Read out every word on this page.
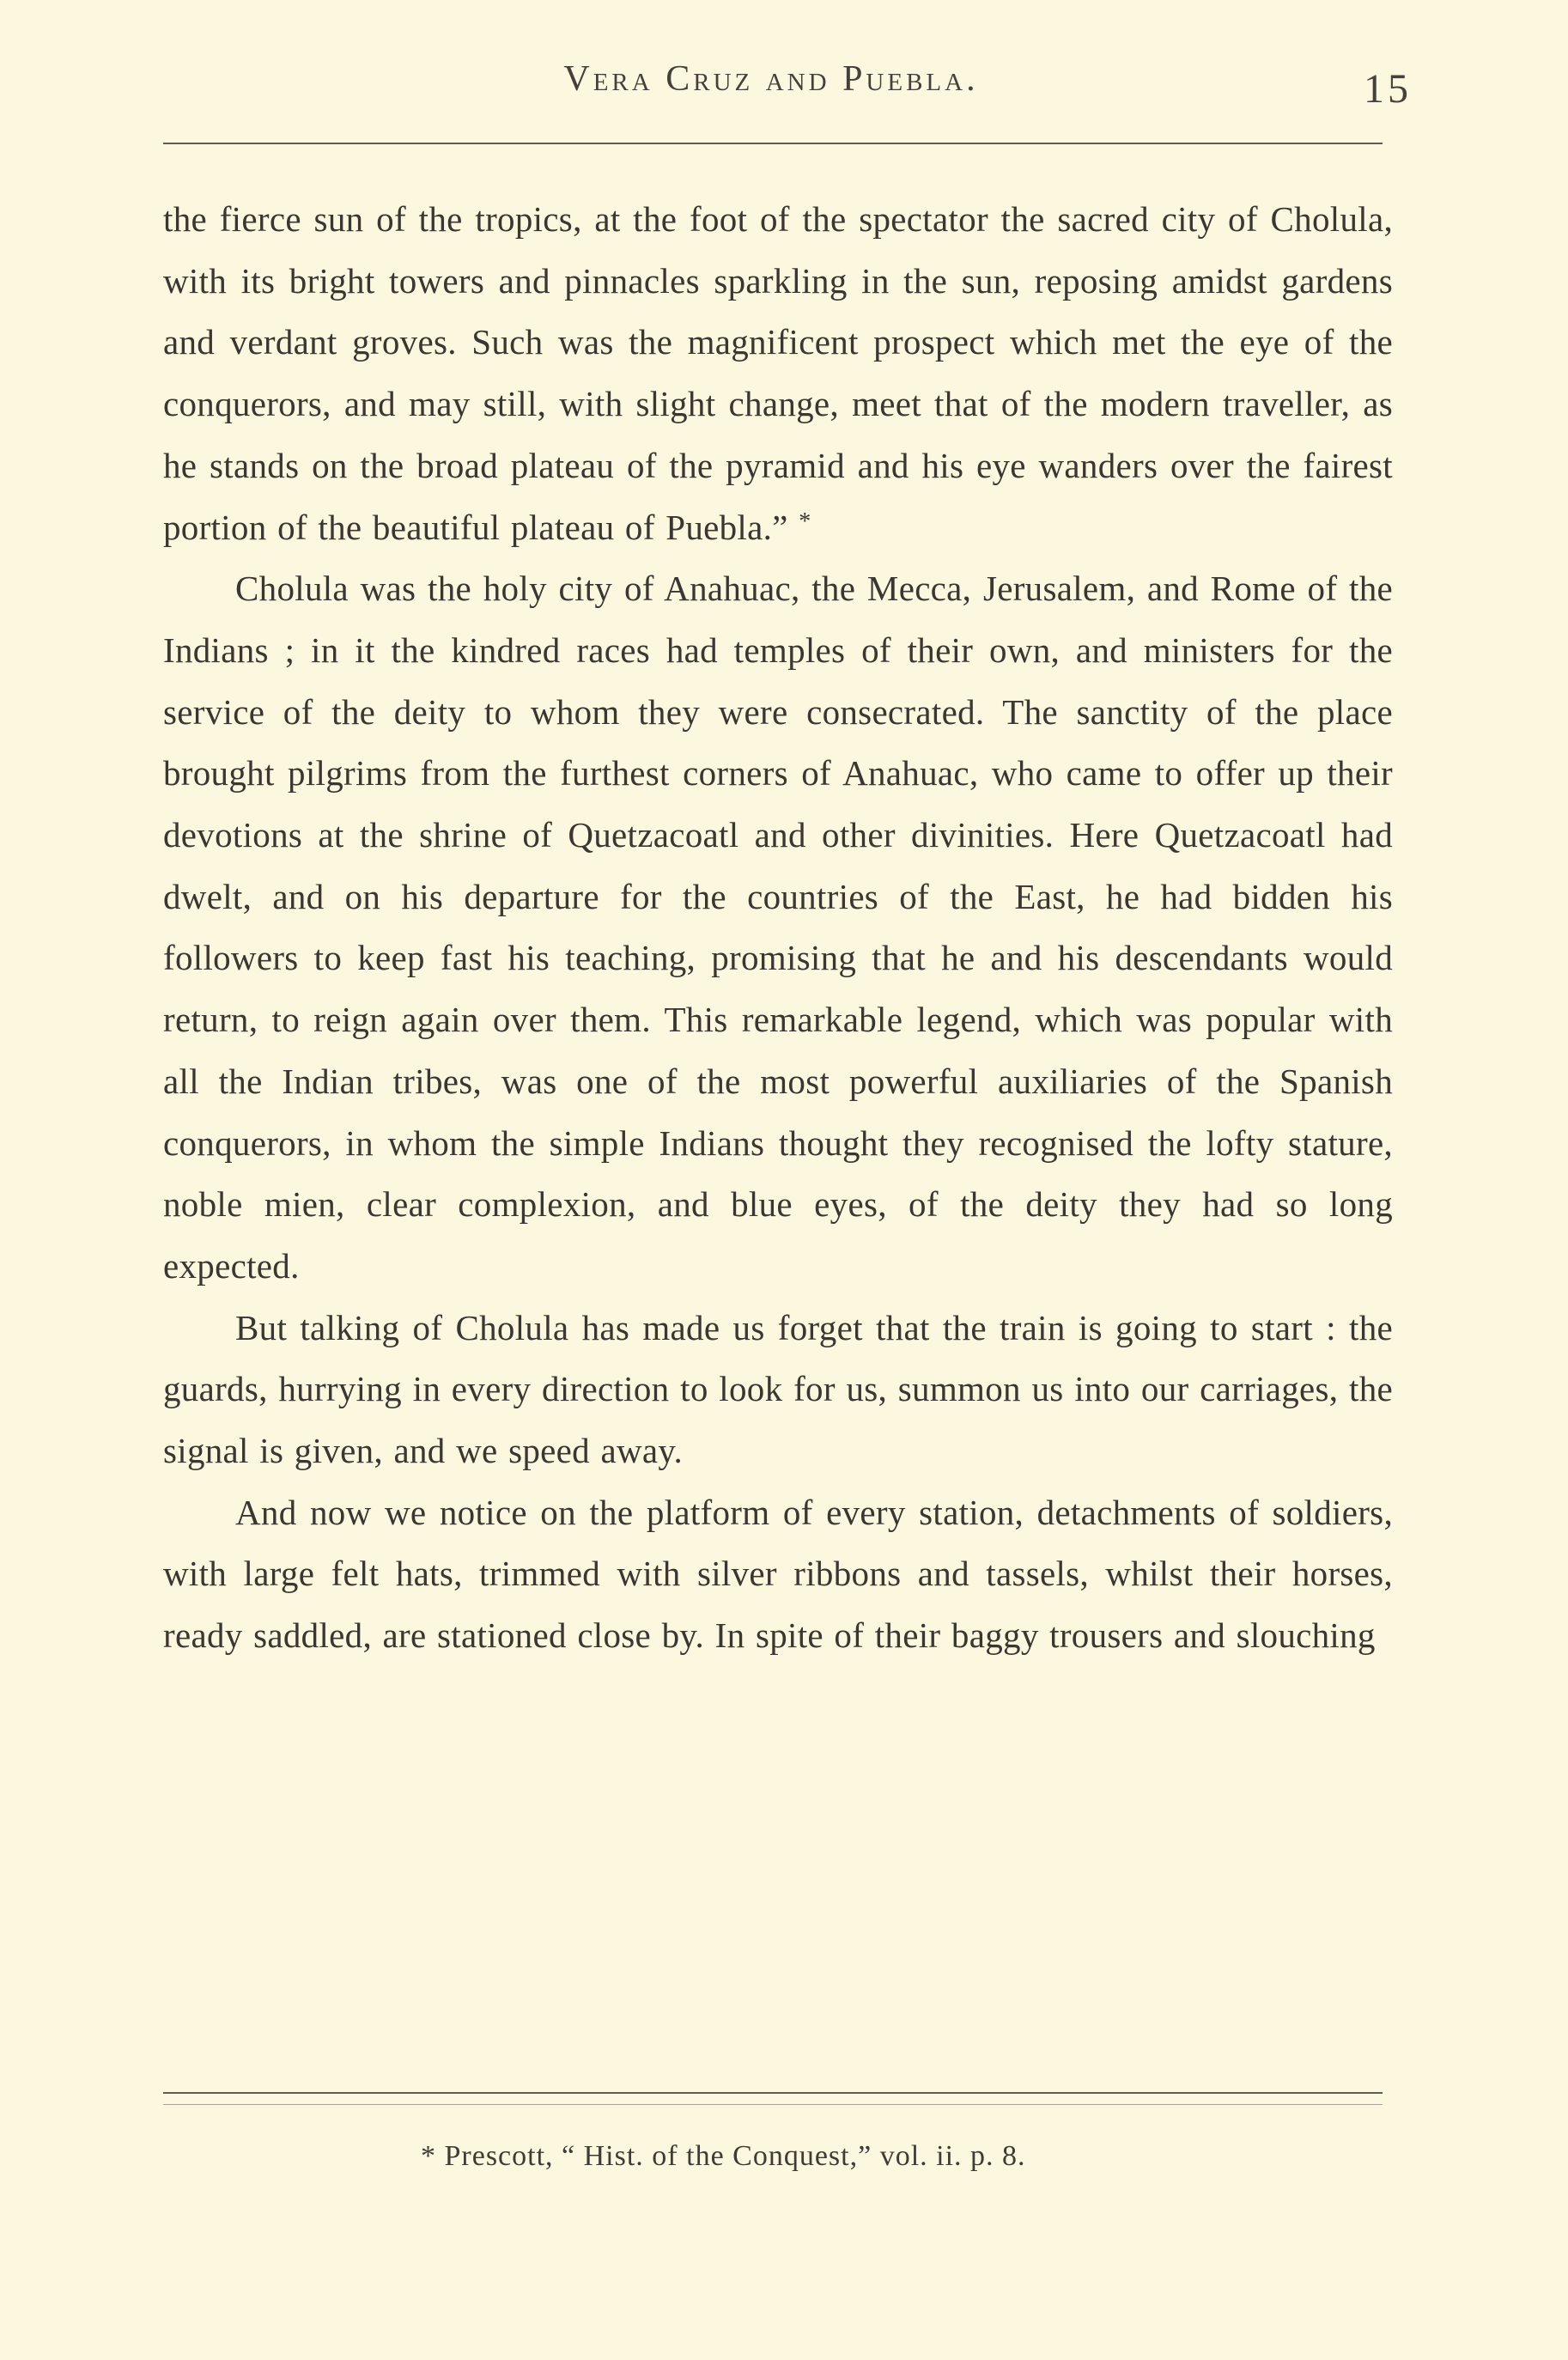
Vera Cruz and Puebla.	15

the fierce sun of the tropics, at the foot of the spectator the sacred city of Cholula, with its bright towers and pinnacles sparkling in the sun, reposing amidst gardens and verdant groves. Such was the magnificent prospect which met the eye of the conquerors, and may still, with slight change, meet that of the modern traveller, as he stands on the broad plateau of the pyramid and his eye wanders over the fairest portion of the beautiful plateau of Puebla.” *

Cholula was the holy city of Anahuac, the Mecca, Jerusalem, and Rome of the Indians ; in it the kindred races had temples of their own, and ministers for the service of the deity to whom they were consecrated. The sanctity of the place brought pilgrims from the furthest corners of Anahuac, who came to offer up their devotions at the shrine of Quetzacoatl and other divinities. Here Quetzacoatl had dwelt, and on his departure for the countries of the East, he had bidden his followers to keep fast his teaching, promising that he and his descendants would return, to reign again over them. This remarkable legend, which was popular with all the Indian tribes, was one of the most powerful auxiliaries of the Spanish conquerors, in whom the simple Indians thought they recognised the lofty stature, noble mien, clear complexion, and blue eyes, of the deity they had so long expected.

But talking of Cholula has made us forget that the train is going to start : the guards, hurrying in every direction to look for us, summon us into our carriages, the signal is given, and we speed away.

And now we notice on the platform of every station, detachments of soldiers, with large felt hats, trimmed with silver ribbons and tassels, whilst their horses, ready saddled, are stationed close by. In spite of their baggy trousers and slouching

* Prescott, “ Hist. of the Conquest,” vol. ii. p. 8.
